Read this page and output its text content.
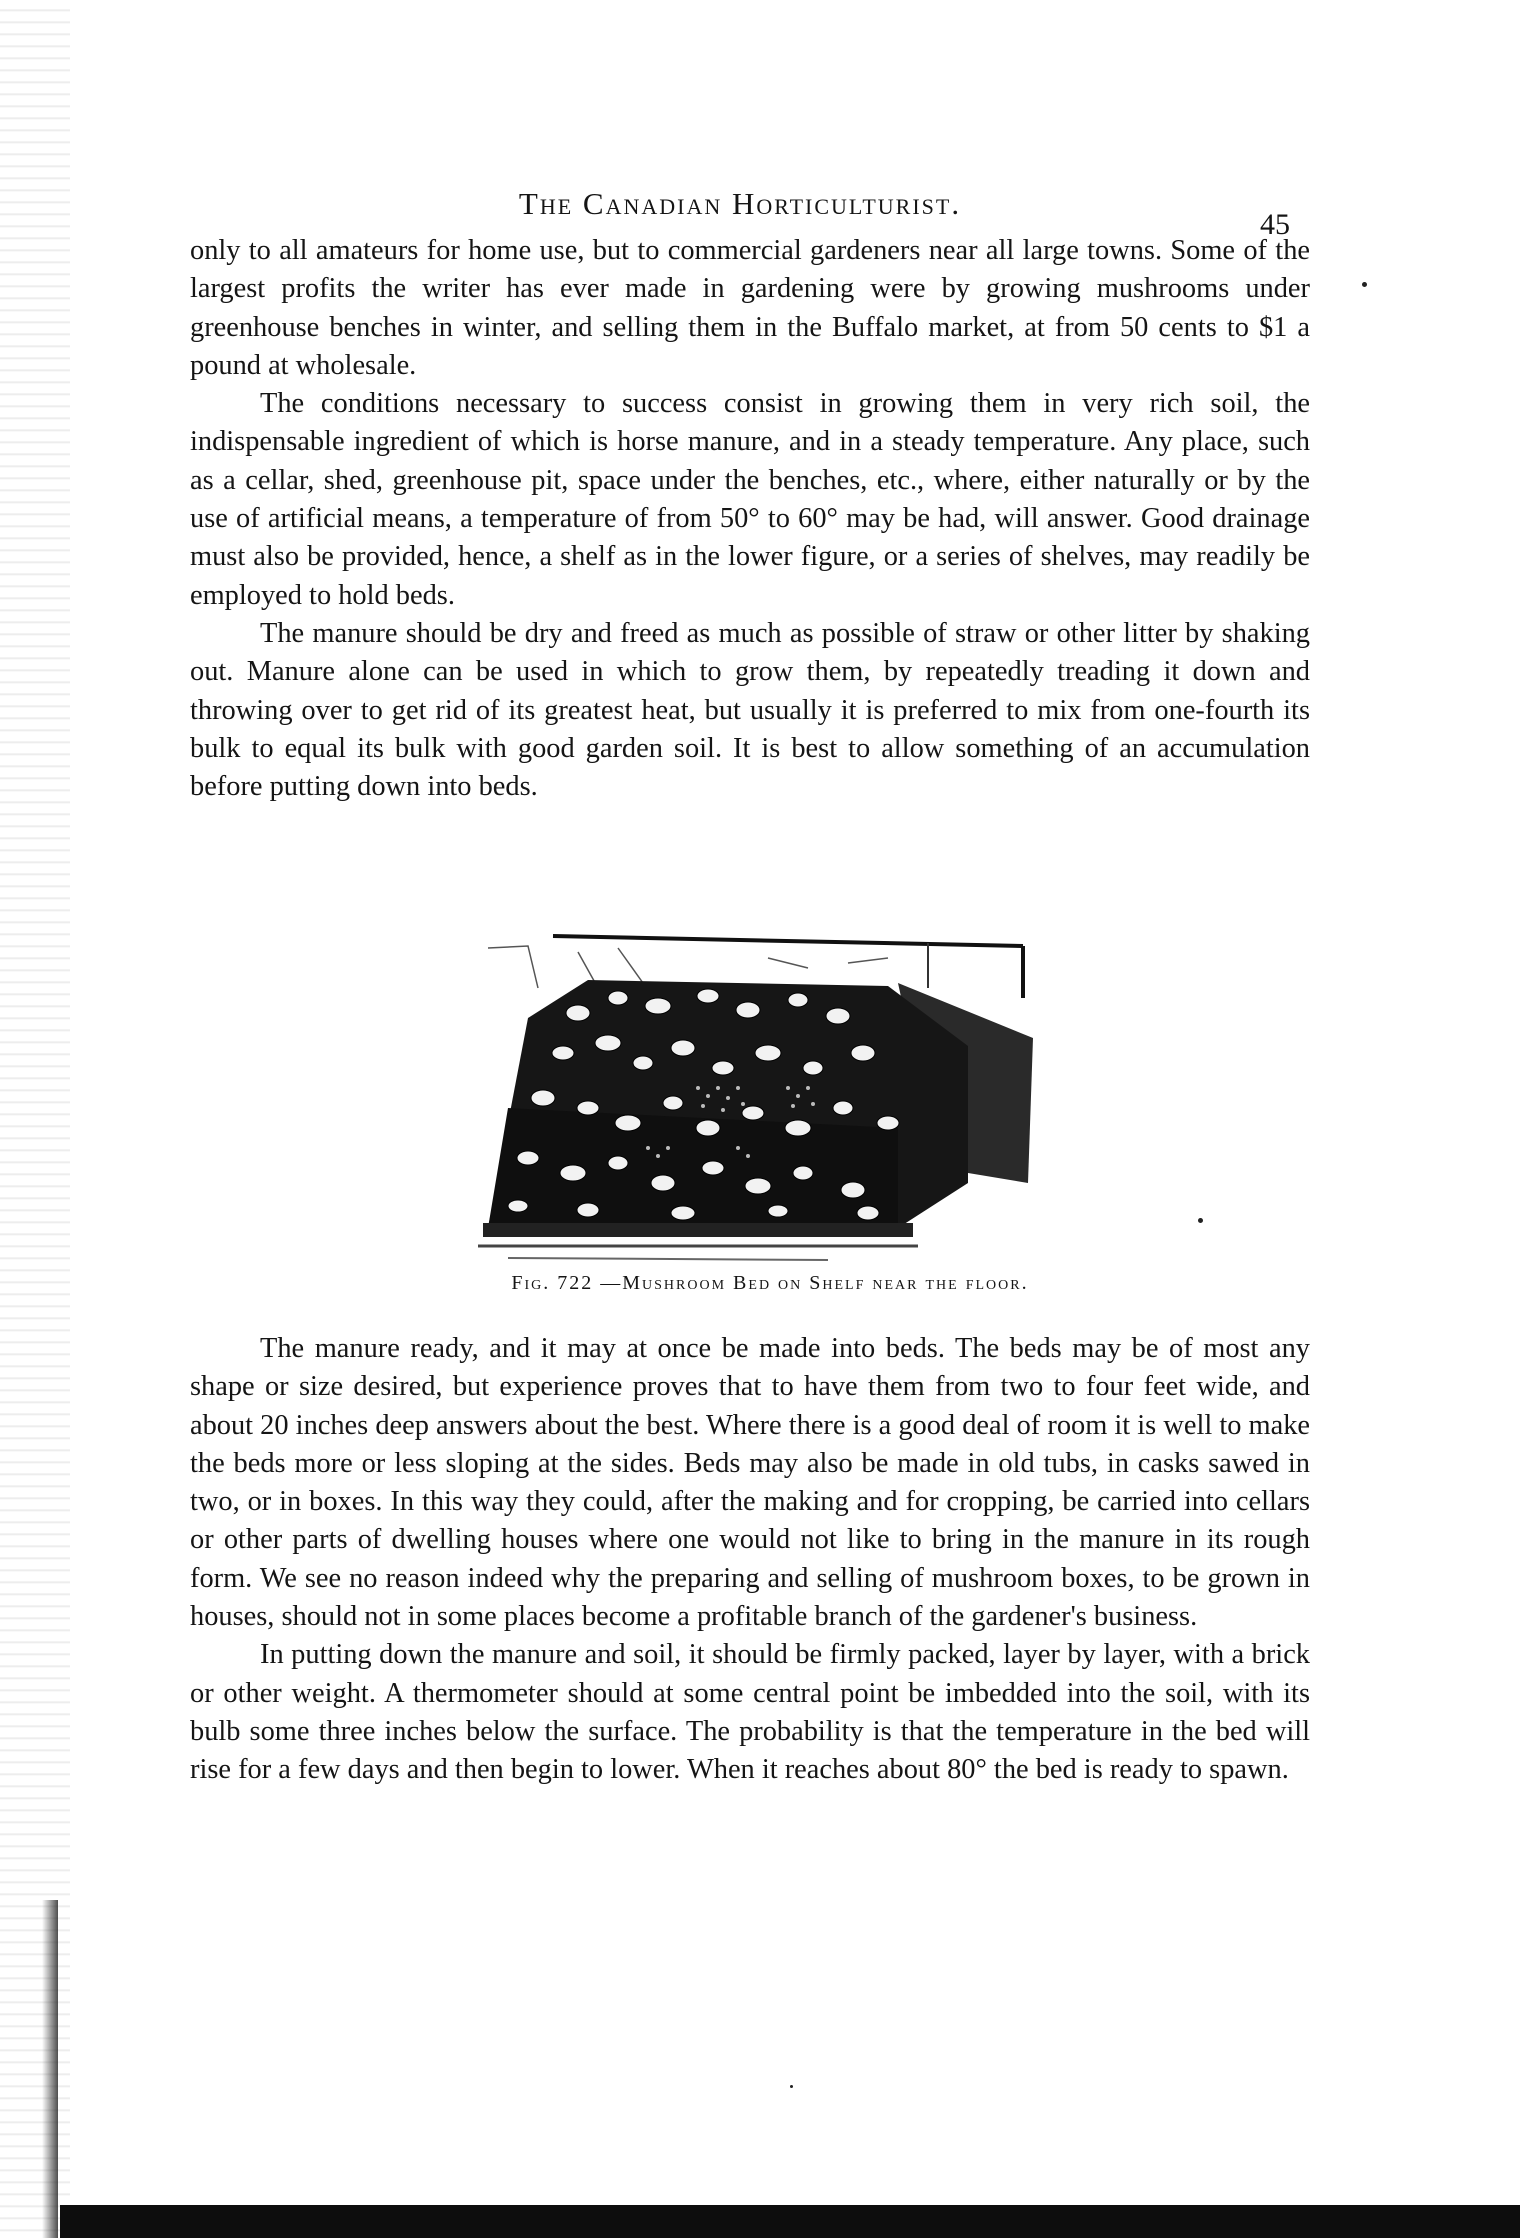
The Canadian Horticulturist.
45

only to all amateurs for home use, but to commercial gardeners near all large towns. Some of the largest profits the writer has ever made in gardening were by growing mushrooms under greenhouse benches in winter, and selling them in the Buffalo market, at from 50 cents to $1 a pound at wholesale.

The conditions necessary to success consist in growing them in very rich soil, the indispensable ingredient of which is horse manure, and in a steady temperature. Any place, such as a cellar, shed, greenhouse pit, space under the benches, etc., where, either naturally or by the use of artificial means, a temperature of from 50° to 60° may be had, will answer. Good drainage must also be provided, hence, a shelf as in the lower figure, or a series of shelves, may readily be employed to hold beds.

The manure should be dry and freed as much as possible of straw or other litter by shaking out. Manure alone can be used in which to grow them, by repeatedly treading it down and throwing over to get rid of its greatest heat, but usually it is preferred to mix from one-fourth its bulk to equal its bulk with good garden soil. It is best to allow something of an accumulation before putting down into beds.

Fig. 722 —Mushroom Bed on Shelf near the floor.

The manure ready, and it may at once be made into beds. The beds may be of most any shape or size desired, but experience proves that to have them from two to four feet wide, and about 20 inches deep answers about the best. Where there is a good deal of room it is well to make the beds more or less sloping at the sides. Beds may also be made in old tubs, in casks sawed in two, or in boxes. In this way they could, after the making and for cropping, be carried into cellars or other parts of dwelling houses where one would not like to bring in the manure in its rough form. We see no reason indeed why the preparing and selling of mushroom boxes, to be grown in houses, should not in some places become a profitable branch of the gardener's business.

In putting down the manure and soil, it should be firmly packed, layer by layer, with a brick or other weight. A thermometer should at some central point be imbedded into the soil, with its bulb some three inches below the surface. The probability is that the temperature in the bed will rise for a few days and then begin to lower. When it reaches about 80° the bed is ready to spawn.
